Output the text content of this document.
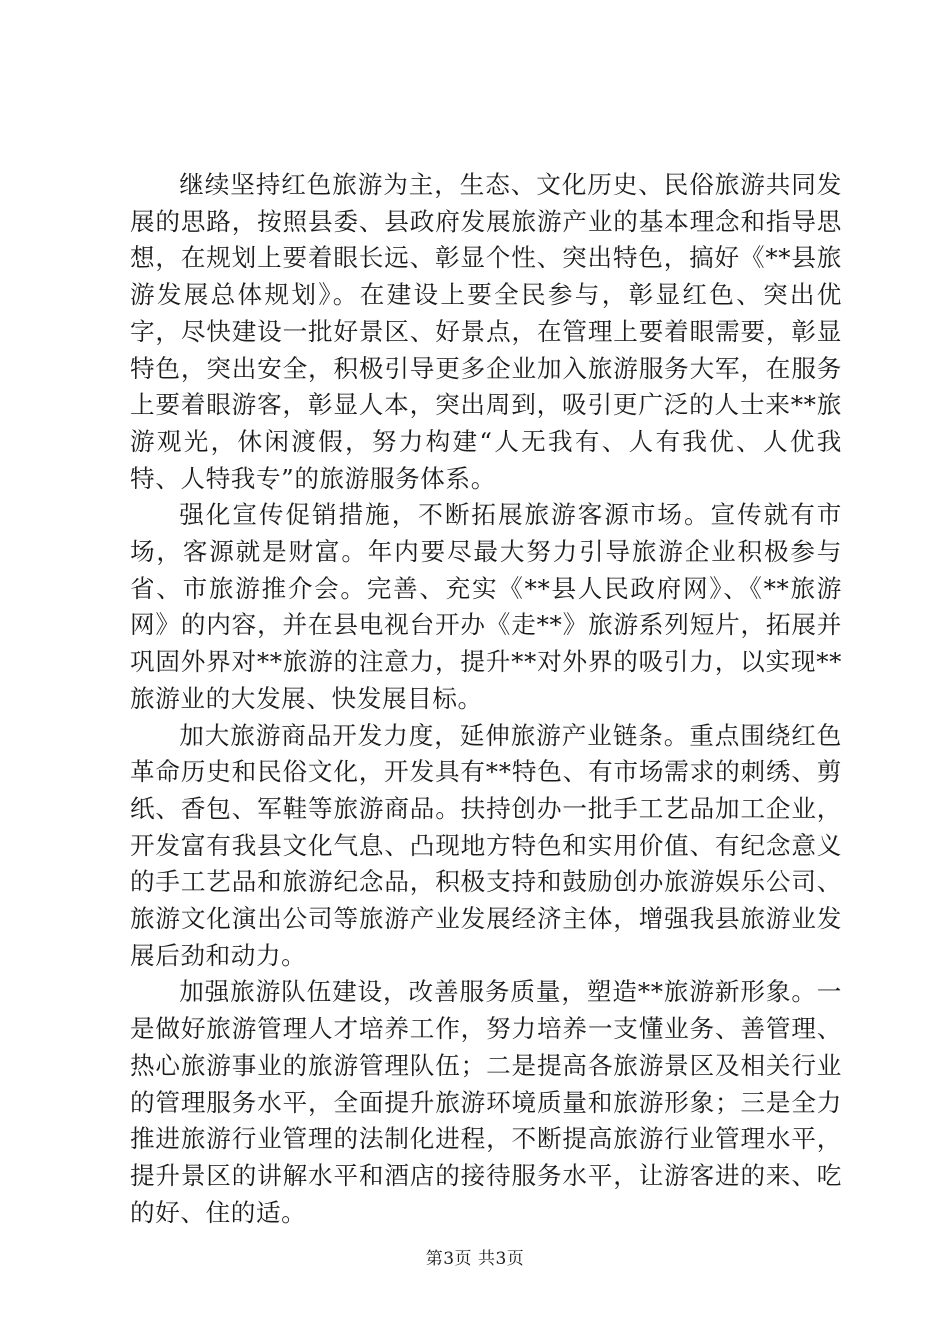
继续坚持红色旅游为主，生态、文化历史、民俗旅游共同发展的思路，按照县委、县政府发展旅游产业的基本理念和指导思想，在规划上要着眼长远、彰显个性、突出特色，搞好《**县旅游发展总体规划》。在建设上要全民参与，彰显红色、突出优字，尽快建设一批好景区、好景点，在管理上要着眼需要，彰显特色，突出安全，积极引导更多企业加入旅游服务大军，在服务上要着眼游客，彰显人本，突出周到，吸引更广泛的人士来**旅游观光，休闲渡假，努力构建“人无我有、人有我优、人优我特、人特我专”的旅游服务体系。

强化宣传促销措施，不断拓展旅游客源市场。宣传就有市场，客源就是财富。年内要尽最大努力引导旅游企业积极参与省、市旅游推介会。完善、充实《**县人民政府网》、《**旅游网》的内容，并在县电视台开办《走**》旅游系列短片，拓展并巩固外界对**旅游的注意力，提升**对外界的吸引力，以实现**旅游业的大发展、快发展目标。

加大旅游商品开发力度，延伸旅游产业链条。重点围绕红色革命历史和民俗文化，开发具有**特色、有市场需求的刺绣、剪纸、香包、军鞋等旅游商品。扶持创办一批手工艺品加工企业，开发富有我县文化气息、凸现地方特色和实用价值、有纪念意义的手工艺品和旅游纪念品，积极支持和鼓励创办旅游娱乐公司、旅游文化演出公司等旅游产业发展经济主体，增强我县旅游业发展后劲和动力。

加强旅游队伍建设，改善服务质量，塑造**旅游新形象。一是做好旅游管理人才培养工作，努力培养一支懂业务、善管理、热心旅游事业的旅游管理队伍；二是提高各旅游景区及相关行业的管理服务水平，全面提升旅游环境质量和旅游形象；三是全力推进旅游行业管理的法制化进程，不断提高旅游行业管理水平，提升景区的讲解水平和酒店的接待服务水平，让游客进的来、吃的好、住的适。

第3页 共3页
